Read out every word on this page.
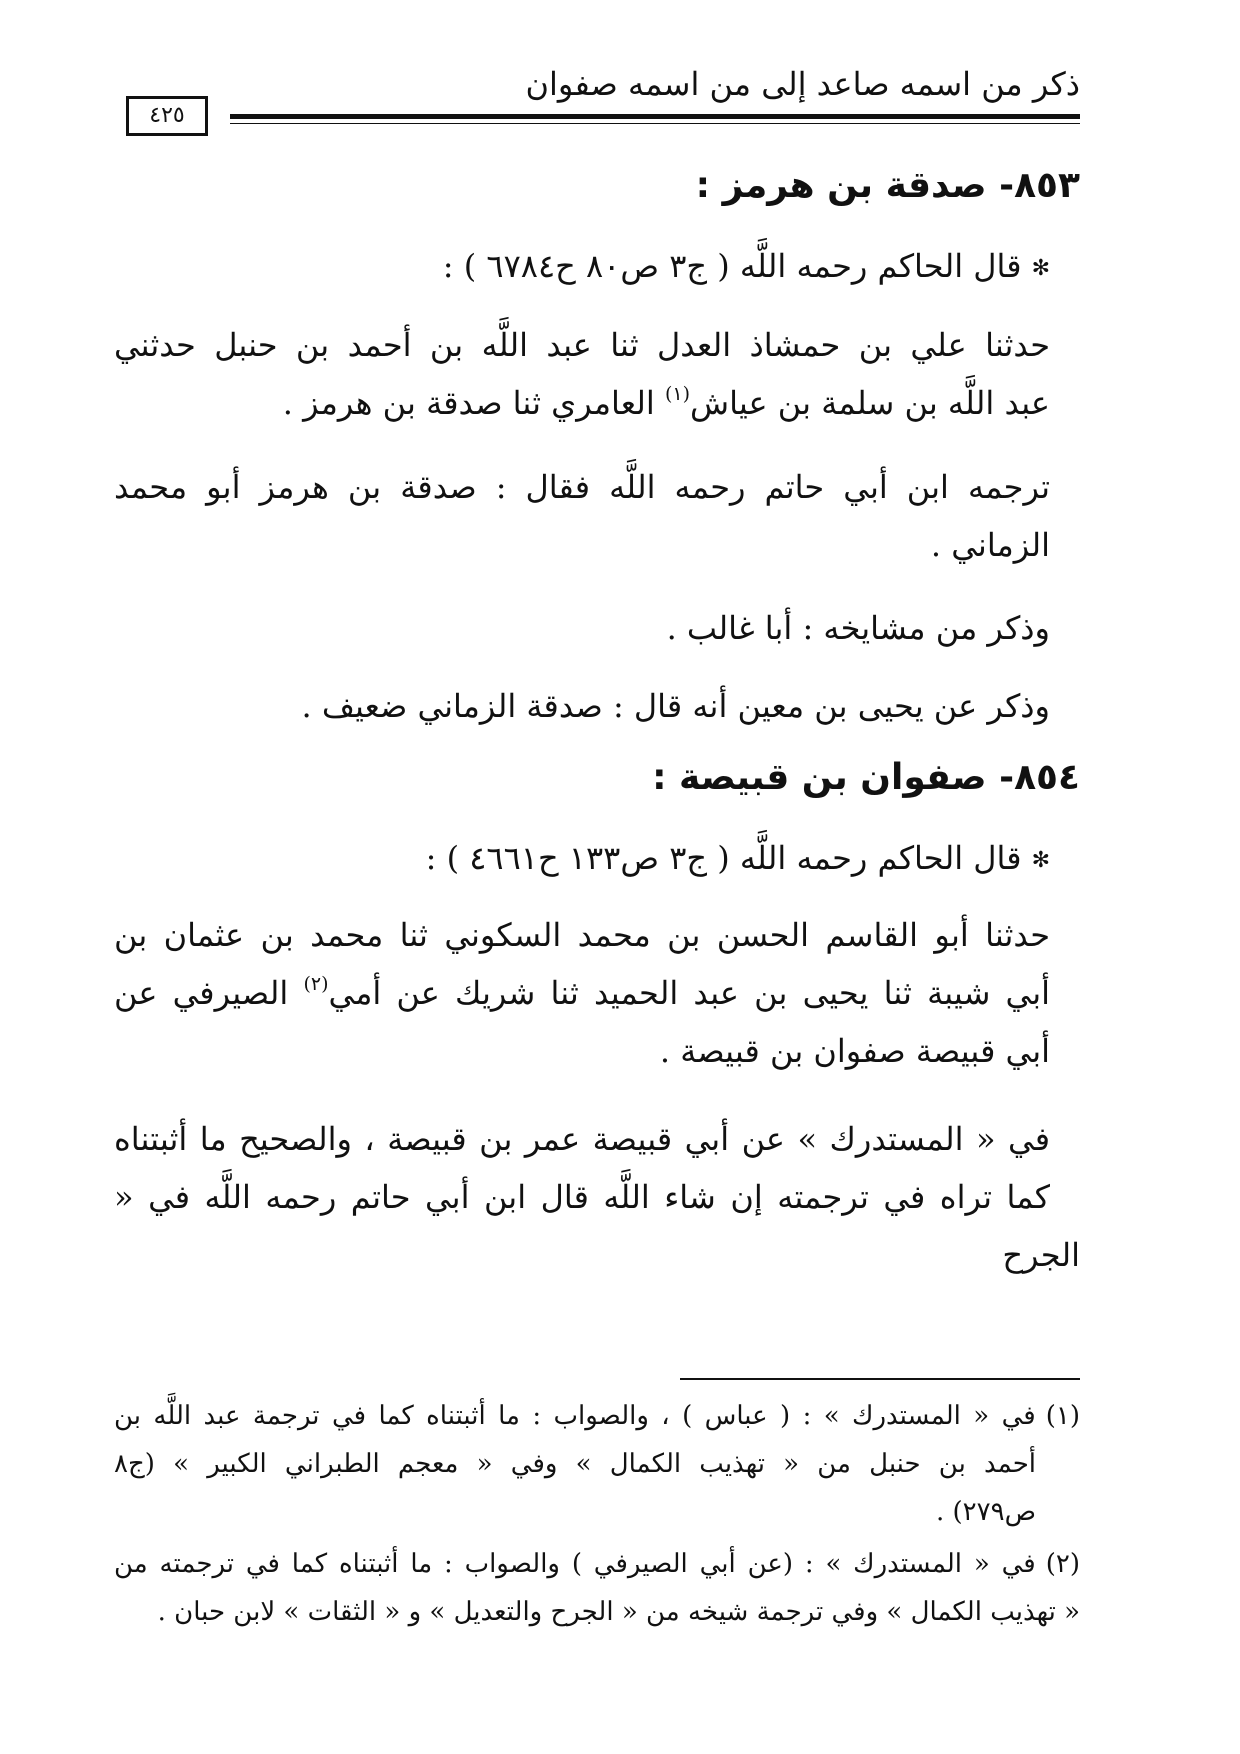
ذكر من اسمه صاعد إلى من اسمه صفوان
٤٢٥
٨٥٣- صدقة بن هرمز :
✻قال الحاكم رحمه اللَّه ( ج٣ ص٨٠ ح٦٧٨٤ ) :
حدثنا علي بن حمشاذ العدل ثنا عبد اللَّه بن أحمد بن حنبل حدثني
عبد اللَّه بن سلمة بن عياش$^{(١)}$ العامري ثنا صدقة بن هرمز .
ترجمه ابن أبي حاتم رحمه اللَّه فقال : صدقة بن هرمز أبو محمد
الزماني .
وذكر من مشايخه : أبا غالب .
وذكر عن يحيى بن معين أنه قال : صدقة الزماني ضعيف .
٨٥٤- صفوان بن قبيصة :
✻قال الحاكم رحمه اللَّه ( ج٣ ص١٣٣ ح٤٦٦١ ) :
حدثنا أبو القاسم الحسن بن محمد السكوني ثنا محمد بن عثمان بن
أبي شيبة ثنا يحيى بن عبد الحميد ثنا شريك عن أمي$^{(٢)}$ الصيرفي عن
أبي قبيصة صفوان بن قبيصة .
في « المستدرك » عن أبي قبيصة عمر بن قبيصة ، والصحيح ما أثبتناه
كما تراه في ترجمته إن شاء اللَّه قال ابن أبي حاتم رحمه اللَّه في « الجرح
(١)في « المستدرك » : ( عباس ) ، والصواب : ما أثبتناه كما في ترجمة عبد اللَّه بن
أحمد بن حنبل من « تهذيب الكمال » وفي « معجم الطبراني الكبير » (ج٨
ص٢٧٩) .
(٢)في « المستدرك » : (عن أبي الصيرفي ) والصواب : ما أثبتناه كما في ترجمته من
« تهذيب الكمال » وفي ترجمة شيخه من « الجرح والتعديل » و « الثقات » لابن حبان .
